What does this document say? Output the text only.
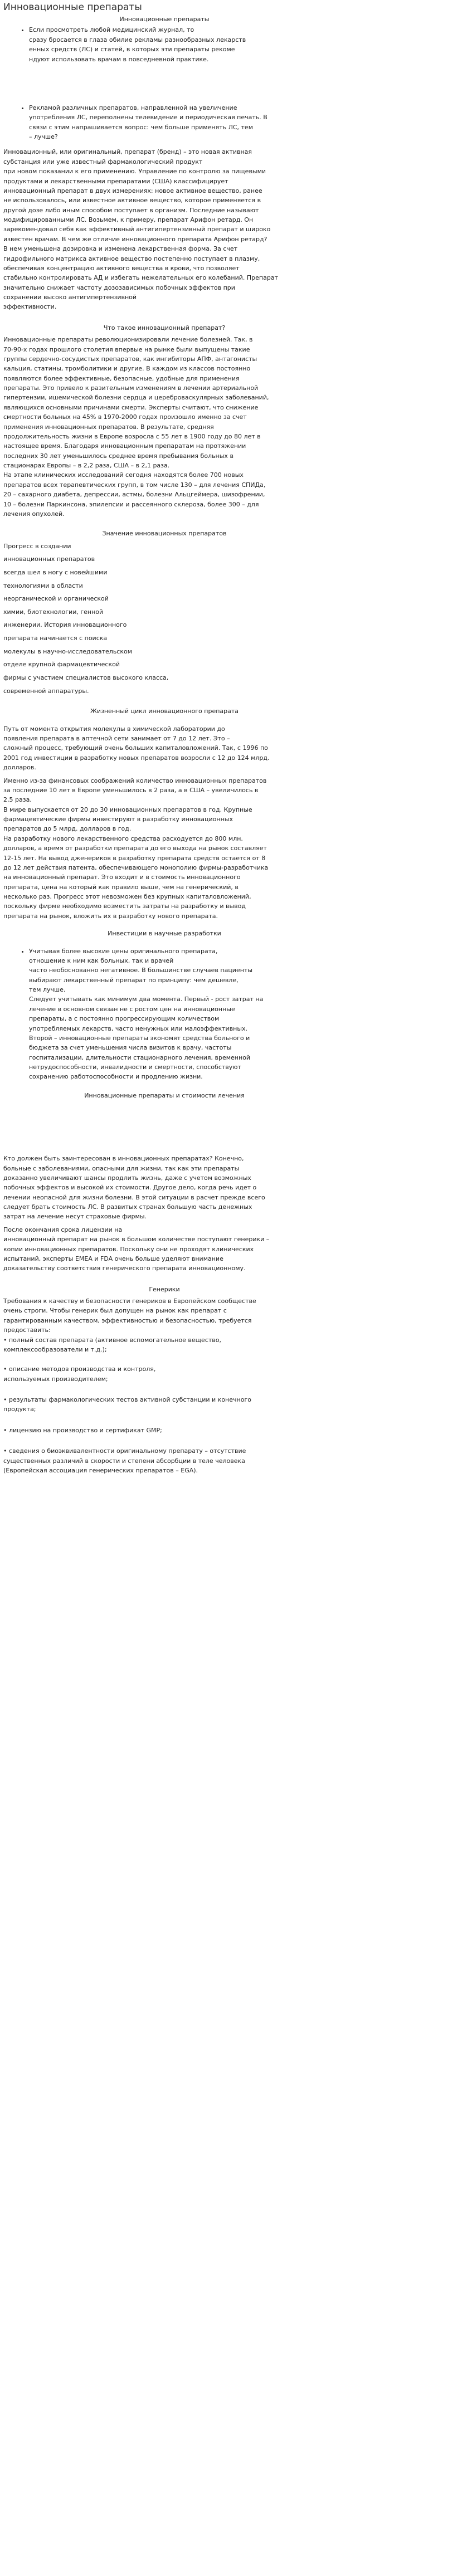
Инновационные препараты
Инновационные препараты
• Если просмотреть любой медицинский журнал, то
сразу бросается в глаза обилие рекламы разнообразных лекарств
енных средств (ЛС) и статей, в которых эти препараты рекоме
ндуют использовать врачам в повседневной практике.
• Рекламой различных препаратов, направленной на увеличение
употребления ЛС, переполнены телевидение и периодическая печать. В
связи с этим напрашивается вопрос: чем больше применять ЛС, тем
– лучше?
Инновационный, или оригинальный, препарат (бренд) – это новая активная
субстанция или уже известный фармакологический продукт
при новом показании к его применению. Управление по контролю за пищевыми
продуктами и лекарственными препаратами (США) классифицирует
инновационный препарат в двух измерениях: новое активное вещество, ранее
не использовалось, или известное активное вещество, которое применяется в
другой дозе либо иным способом поступает в организм. Последние называют
модифицированными ЛС. Возьмем, к примеру, препарат Арифон ретард. Он
зарекомендовал себя как эффективный антигипертензивный препарат и широко
известен врачам. В чем же отличие инновационного препарата Арифон ретард?
В нем уменьшена дозировка и изменена лекарственная форма. За счет
гидрофильного матрикса активное вещество постепенно поступает в плазму,
обеспечивая концентрацию активного вещества в крови, что позволяет
стабильно контролировать АД и избегать нежелательных его колебаний. Препарат
значительно снижает частоту дозозависимых побочных эффектов при
сохранении высоко антигипертензивной
эффективности.
Что такое инновационный препарат?
Инновационные препараты революционизировали лечение болезней. Так, в
70-90-х годах прошлого столетия впервые на рынке были выпущены такие
группы сердечно-сосудистых препаратов, как ингибиторы АПФ, антагонисты
кальция, статины, тромболитики и другие. В каждом из классов постоянно
появляются более эффективные, безопасные, удобные для применения
препараты. Это привело к разительным изменениям в лечении артериальной
гипертензии, ишемической болезни сердца и цереброваскулярных заболеваний,
являющихся основными причинами смерти. Эксперты считают, что снижение
смертности больных на 45% в 1970-2000 годах произошло именно за счет
применения инновационных препаратов. В результате, средняя
продолжительность жизни в Европе возросла с 55 лет в 1900 году до 80 лет в
настоящее время. Благодаря инновационным препаратам на протяжении
последних 30 лет уменьшилось среднее время пребывания больных в
стационарах Европы – в 2,2 раза, США – в 2,1 раза.
На этапе клинических исследований сегодня находятся более 700 новых
препаратов всех терапевтических групп, в том числе 130 – для лечения СПИДа,
20 – сахарного диабета, депрессии, астмы, болезни Альцгеймера, шизофрении,
10 – болезни Паркинсона, эпилепсии и рассеянного склероза, более 300 – для
лечения опухолей.
Значение инновационных препаратов
Прогресс в создании
инновационных препаратов
всегда шел в ногу с новейшими
технологиями в области
неорганической и органической
химии, биотехнологии, генной
инженерии. История инновационного
препарата начинается с поиска
молекулы в научно-исследовательском
отделе крупной фармацевтической
фирмы с участием специалистов высокого класса,
современной аппаратуры.
Жизненный цикл инновационного препарата
Путь от момента открытия молекулы в химической лаборатории до
появления препарата в аптечной сети занимает от 7 до 12 лет. Это –
сложный процесс, требующий очень больших капиталовложений. Так, с 1996 по
2001 год инвестиции в разработку новых препаратов возросли с 12 до 124 млрд.
долларов.
Именно из-за финансовых соображений количество инновационных препаратов
за последние 10 лет в Европе уменьшилось в 2 раза, а в США – увеличилось в
2,5 раза.
В мире выпускается от 20 до 30 инновационных препаратов в год. Крупные
фармацевтические фирмы инвестируют в разработку инновационных
препаратов до 5 млрд. долларов в год.
На разработку нового лекарственного средства расходуется до 800 млн.
долларов, а время от разработки препарата до его выхода на рынок составляет
12-15 лет. На вывод дженериков в разработку препарата средств остается от 8
до 12 лет действия патента, обеспечивающего монополию фирмы-разработчика
на инновационный препарат. Это входит и в стоимость инновационного
препарата, цена на который как правило выше, чем на генерический, в
несколько раз. Прогресс этот невозможен без крупных капиталовложений,
поскольку фирме необходимо возместить затраты на разработку и вывод
препарата на рынок, вложить их в разработку нового препарата.
Инвестиции в научные разработки
• Учитывая более высокие цены оригинального препарата,
отношение к ним как больных, так и врачей
часто необоснованно негативное. В большинстве случаев пациенты
выбирают лекарственный препарат по принципу: чем дешевле,
тем лучше.
Следует учитывать как минимум два момента. Первый - рост затрат на
лечение в основном связан не с ростом цен на инновационные
препараты, а с постоянно прогрессирующим количеством
употребляемых лекарств, часто ненужных или малоэффективных.
Второй – инновационные препараты экономят средства больного и
бюджета за счет уменьшения числа визитов к врачу, частоты
госпитализации, длительности стационарного лечения, временной
нетрудоспособности, инвалидности и смертности, способствуют
сохранению работоспособности и продлению жизни.
Инновационные препараты и стоимости лечения
Кто должен быть заинтересован в инновационных препаратах? Конечно,
больные с заболеваниями, опасными для жизни, так как эти препараты
доказанно увеличивают шансы продлить жизнь, даже с учетом возможных
побочных эффектов и высокой их стоимости. Другое дело, когда речь идет о
лечении неопасной для жизни болезни. В этой ситуации в расчет прежде всего
следует брать стоимость ЛС. В развитых странах большую часть денежных
затрат на лечение несут страховые фирмы.
После окончания срока лицензии на
инновационный препарат на рынок в большом количестве поступают генерики –
копии инновационных препаратов. Поскольку они не проходят клинических
испытаний, эксперты EMEA и FDA очень больше уделяют внимание
доказательству соответствия генерического препарата инновационному.
Генерики
Требования к качеству и безопасности генериков в Европейском сообществе
очень строги. Чтобы генерик был допущен на рынок как препарат с
гарантированным качеством, эффективностью и безопасностью, требуется
предоставить:
• полный состав препарата (активное вспомогательное вещество,
комплексообразователи и т.д.);
• описание методов производства и контроля,
используемых производителем;
• результаты фармакологических тестов активной субстанции и конечного
продукта;
• лицензию на производство и сертификат GMP;
• сведения о биоэквивалентности оригинальному препарату – отсутствие
существенных различий в скорости и степени абсорбции в теле человека
(Европейская ассоциация генерических препаратов – EGA).
